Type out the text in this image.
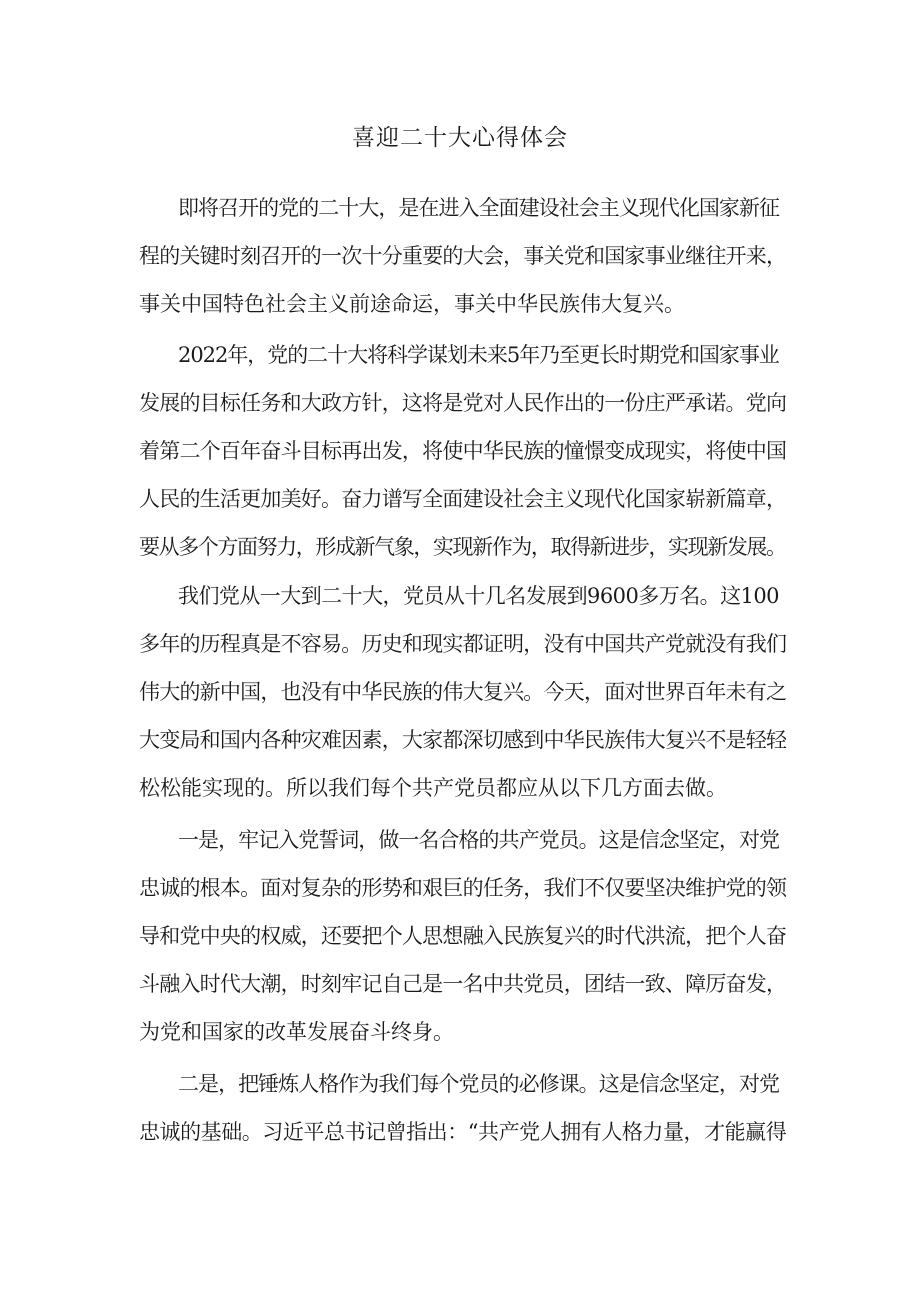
喜迎二十大心得体会
即将召开的党的二十大，是在进入全面建设社会主义现代化国家新征
程的关键时刻召开的一次十分重要的大会，事关党和国家事业继往开来，
事关中国特色社会主义前途命运，事关中华民族伟大复兴。
2022年，党的二十大将科学谋划未来5年乃至更长时期党和国家事业
发展的目标任务和大政方针，这将是党对人民作出的一份庄严承诺。党向
着第二个百年奋斗目标再出发，将使中华民族的憧憬变成现实，将使中国
人民的生活更加美好。奋力谱写全面建设社会主义现代化国家崭新篇章，
要从多个方面努力，形成新气象，实现新作为，取得新进步，实现新发展。
我们党从一大到二十大，党员从十几名发展到9600多万名。这100
多年的历程真是不容易。历史和现实都证明，没有中国共产党就没有我们
伟大的新中国，也没有中华民族的伟大复兴。今天，面对世界百年未有之
大变局和国内各种灾难因素，大家都深切感到中华民族伟大复兴不是轻轻
松松能实现的。所以我们每个共产党员都应从以下几方面去做。
一是，牢记入党誓词，做一名合格的共产党员。这是信念坚定，对党
忠诚的根本。面对复杂的形势和艰巨的任务，我们不仅要坚决维护党的领
导和党中央的权威，还要把个人思想融入民族复兴的时代洪流，把个人奋
斗融入时代大潮，时刻牢记自己是一名中共党员，团结一致、障厉奋发，
为党和国家的改革发展奋斗终身。
二是，把锤炼人格作为我们每个党员的必修课。这是信念坚定，对党
忠诚的基础。习近平总书记曾指出：“共产党人拥有人格力量，才能赢得
